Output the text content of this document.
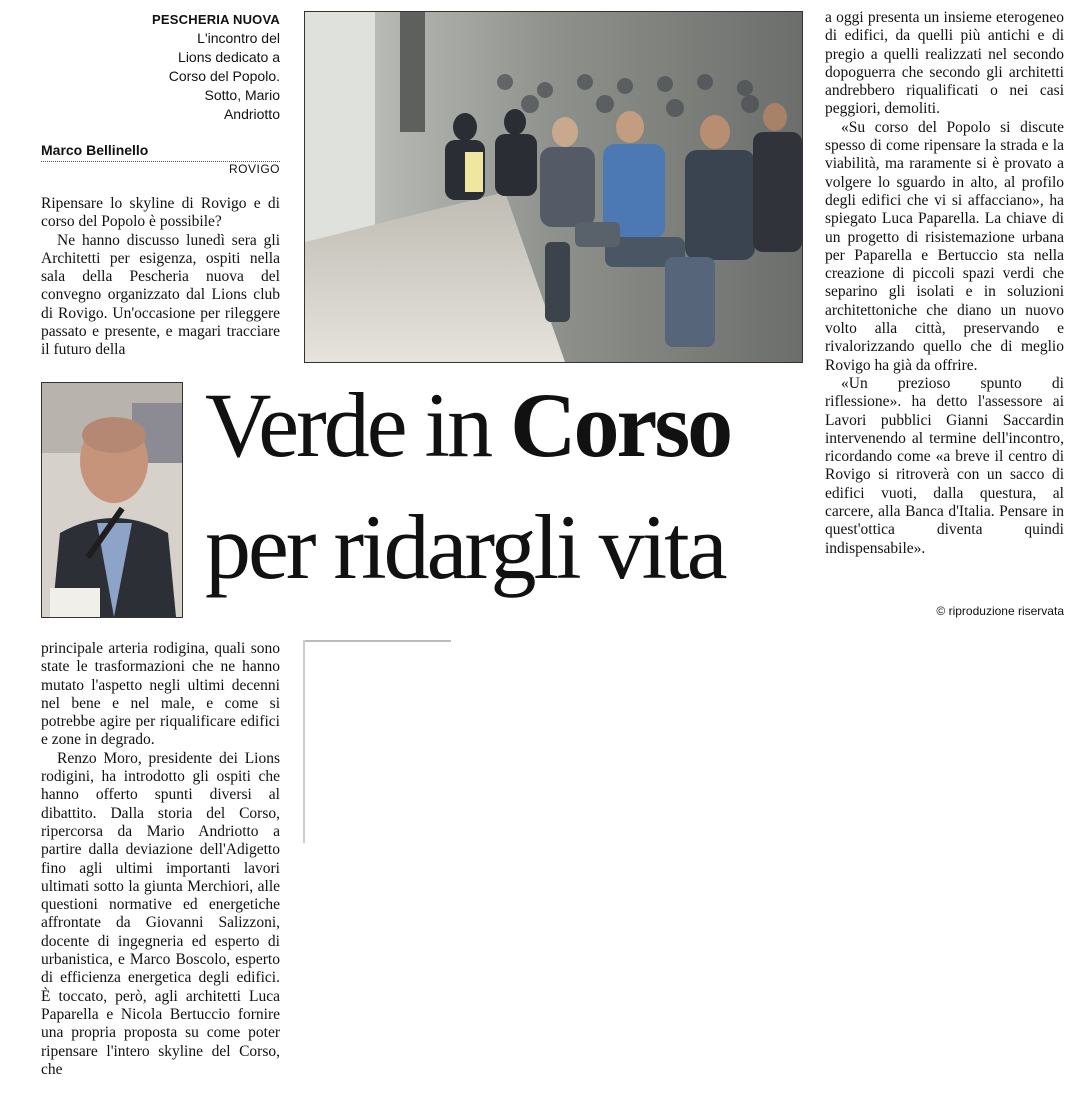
PESCHERIA NUOVA
L'incontro del
Lions dedicato a
Corso del Popolo.
Sotto, Mario
Andriotto
Marco Bellinello
ROVIGO

Ripensare lo skyline di Rovigo e di corso del Popolo è possibile?

Ne hanno discusso lunedì sera gli Architetti per esigenza, ospiti nella sala della Pescheria nuova del convegno organizzato dal Lions club di Rovigo. Un'occasione per rileggere passato e presente, e magari tracciare il futuro della

Verde in Corso
per ridargli vita

principale arteria rodigina, quali sono state le trasformazioni che ne hanno mutato l'aspetto negli ultimi decenni nel bene e nel male, e come si potrebbe agire per riqualificare edifici e zone in degrado.

Renzo Moro, presidente dei Lions rodigini, ha introdotto gli ospiti che hanno offerto spunti diversi al dibattito. Dalla storia del Corso, ripercorsa da Mario Andriotto a partire dalla deviazione dell'Adigetto fino agli ultimi importanti lavori ultimati sotto la giunta Merchiori, alle questioni normative ed energetiche affrontate da Giovanni Salizzoni, docente di ingegneria ed esperto di urbanistica, e Marco Boscolo, esperto di efficienza energetica degli edifici. È toccato, però, agli architetti Luca Paparella e Nicola Bertuccio fornire una propria proposta su come poter ripensare l'intero skyline del Corso, che

a oggi presenta un insieme eterogeneo di edifici, da quelli più antichi e di pregio a quelli realizzati nel secondo dopoguerra che secondo gli architetti andrebbero riqualificati o nei casi peggiori, demoliti.

«Su corso del Popolo si discute spesso di come ripensare la strada e la viabilità, ma raramente si è provato a volgere lo sguardo in alto, al profilo degli edifici che vi si affacciano», ha spiegato Luca Paparella. La chiave di un progetto di risistemazione urbana per Paparella e Bertuccio sta nella creazione di piccoli spazi verdi che separino gli isolati e in soluzioni architettoniche che diano un nuovo volto alla città, preservando e rivalorizzando quello che di meglio Rovigo ha già da offrire.

«Un prezioso spunto di riflessione». ha detto l'assessore ai Lavori pubblici Gianni Saccardin intervenendo al termine dell'incontro, ricordando come «a breve il centro di Rovigo si ritroverà con un sacco di edifici vuoti, dalla questura, al carcere, alla Banca d'Italia. Pensare in quest'ottica diventa quindi indispensabile».

© riproduzione riservata
